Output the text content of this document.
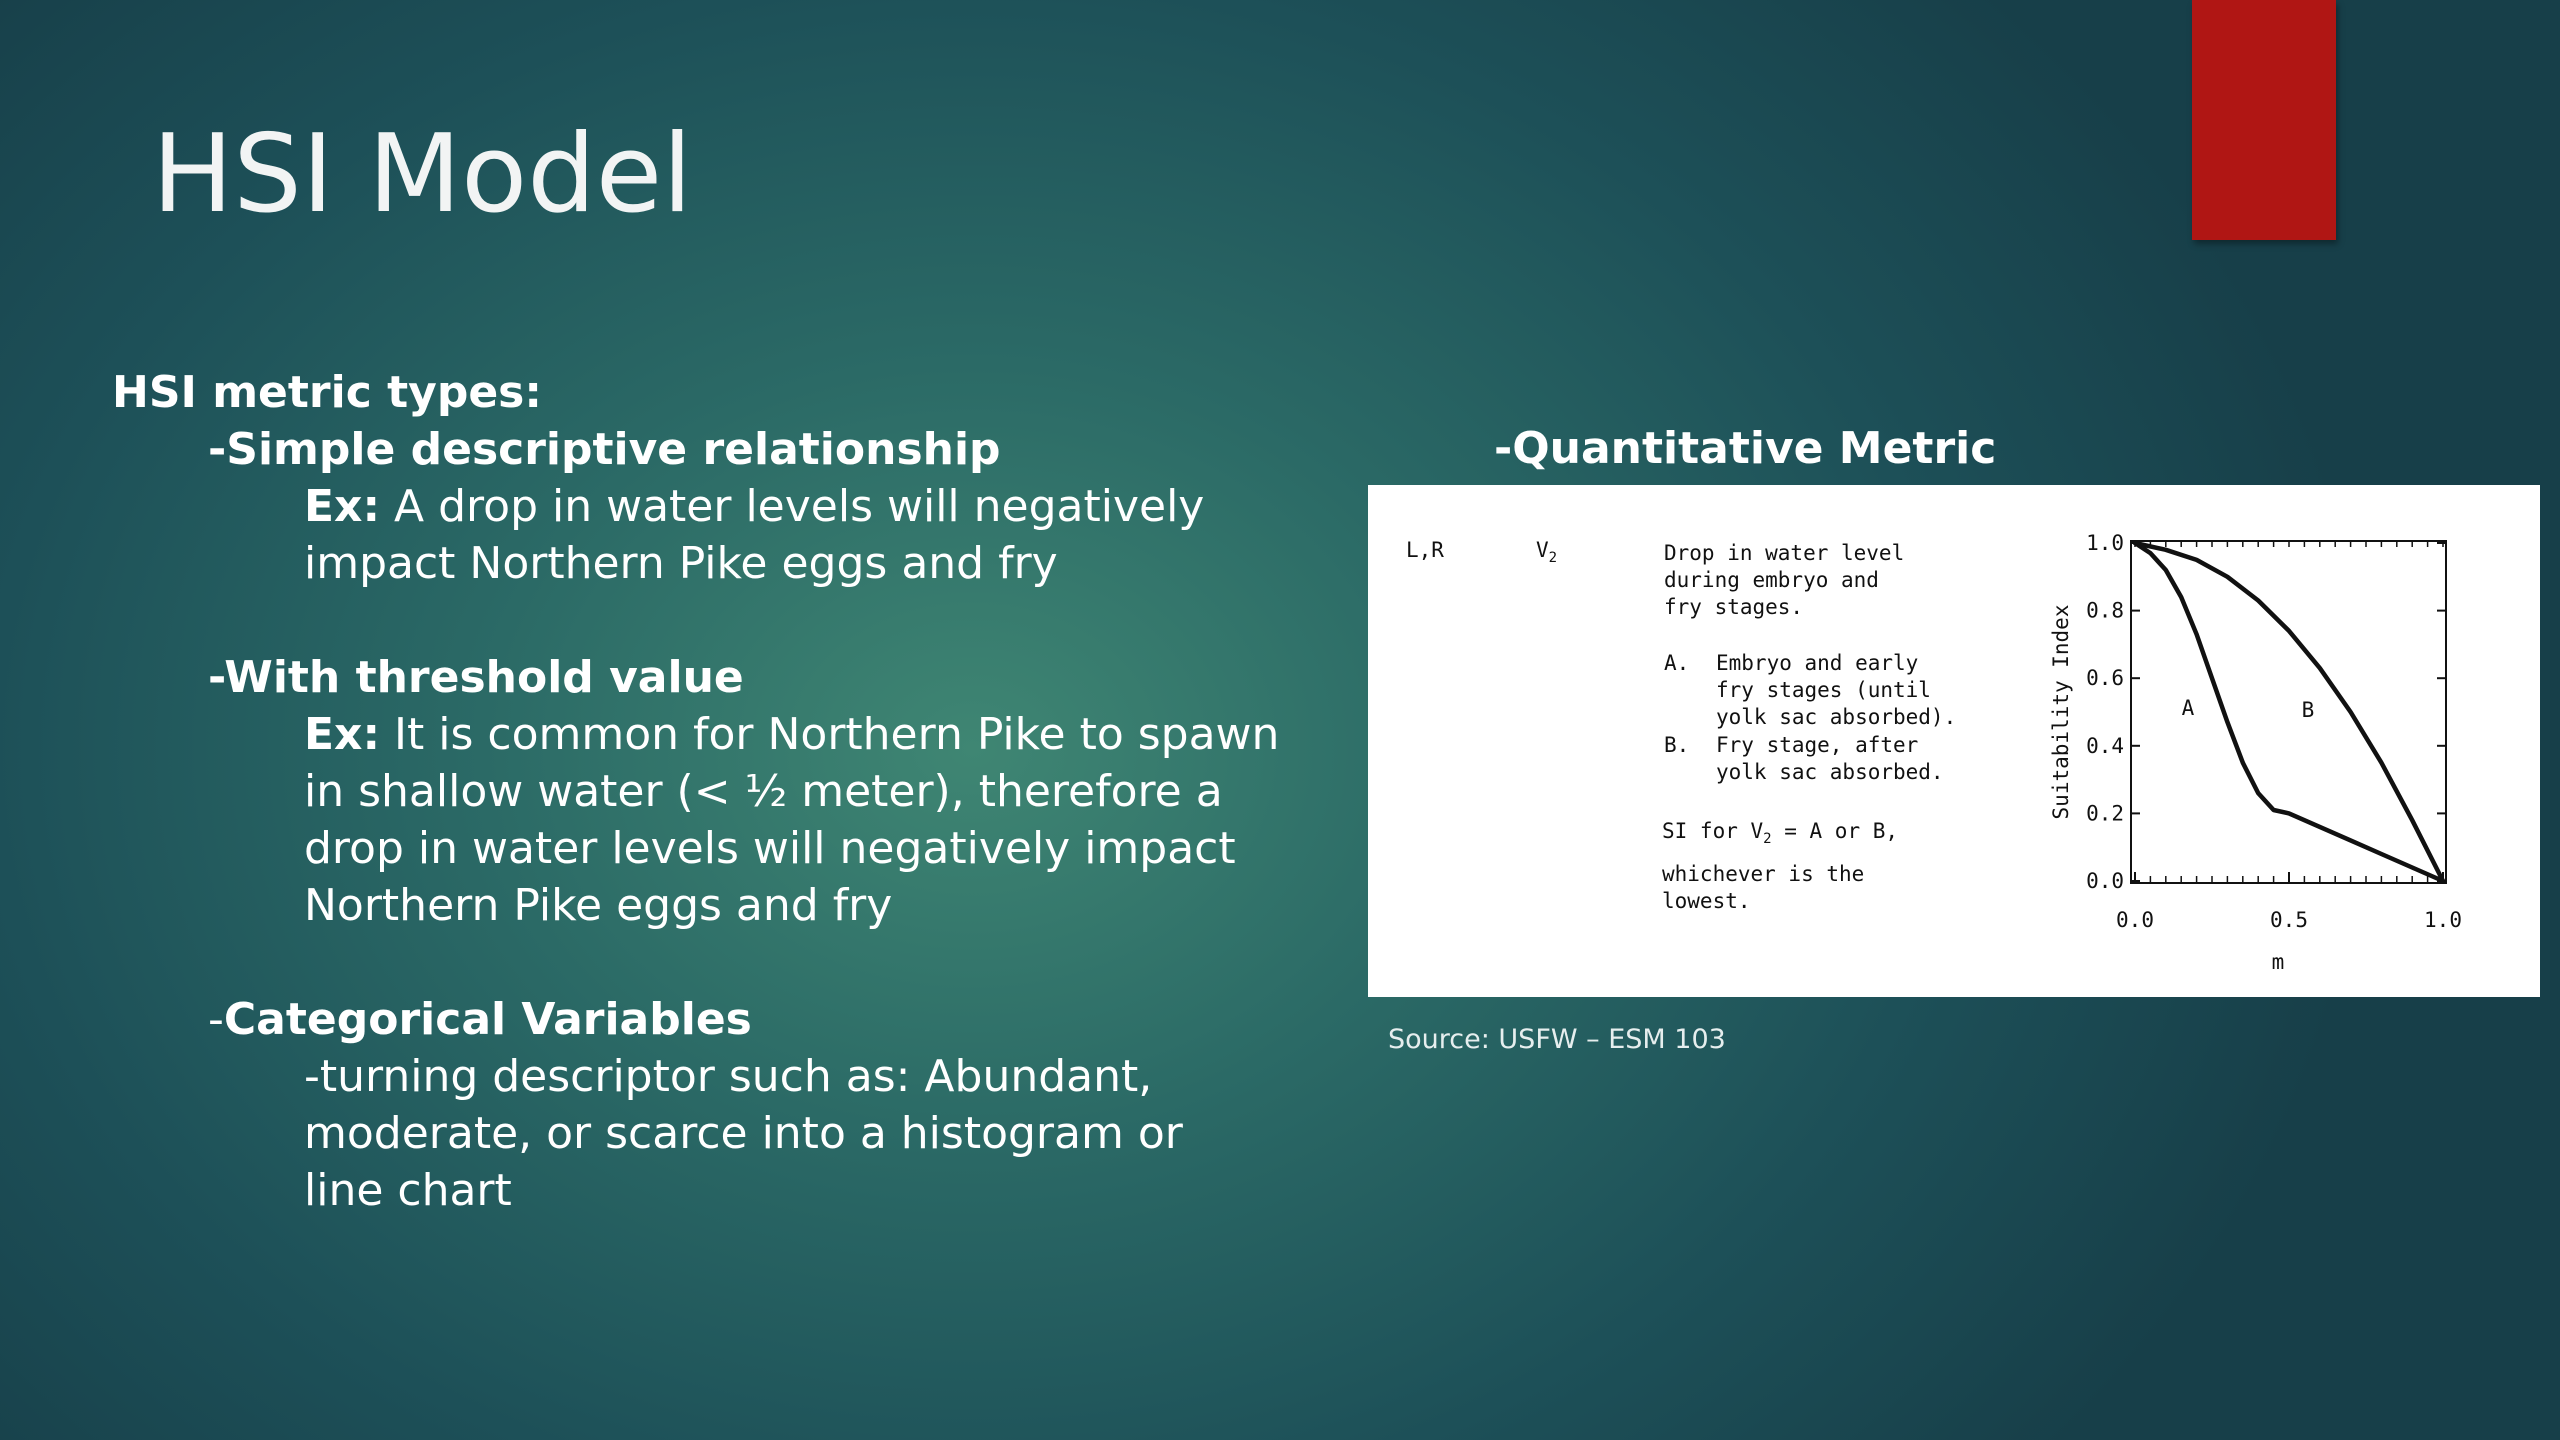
HSI Model
HSI metric types:
-Simple descriptive relationship
Ex: A drop in water levels will negatively
impact Northern Pike eggs and fry
-With threshold value
Ex: It is common for Northern Pike to spawn
in shallow water (< ½ meter), therefore a
drop in water levels will negatively impact
Northern Pike eggs and fry
-Categorical Variables
-turning descriptor such as: Abundant,
moderate, or scarce into a histogram or
line chart
-Quantitative Metric
L,R	$V_2$	Drop in water level
during embryo and
fry stages.
A. Embryo and early
fry stages (until
yolk sac absorbed).
B. Fry stage, after
yolk sac absorbed.
SI for $V_2 = A$ or B,
whichever is the
lowest.
0.0
0.2
0.4
0.6
0.8
1.0
0.0	0.5	1.0
Suitability Index
m
A	B
Source: USFW – ESM 103
